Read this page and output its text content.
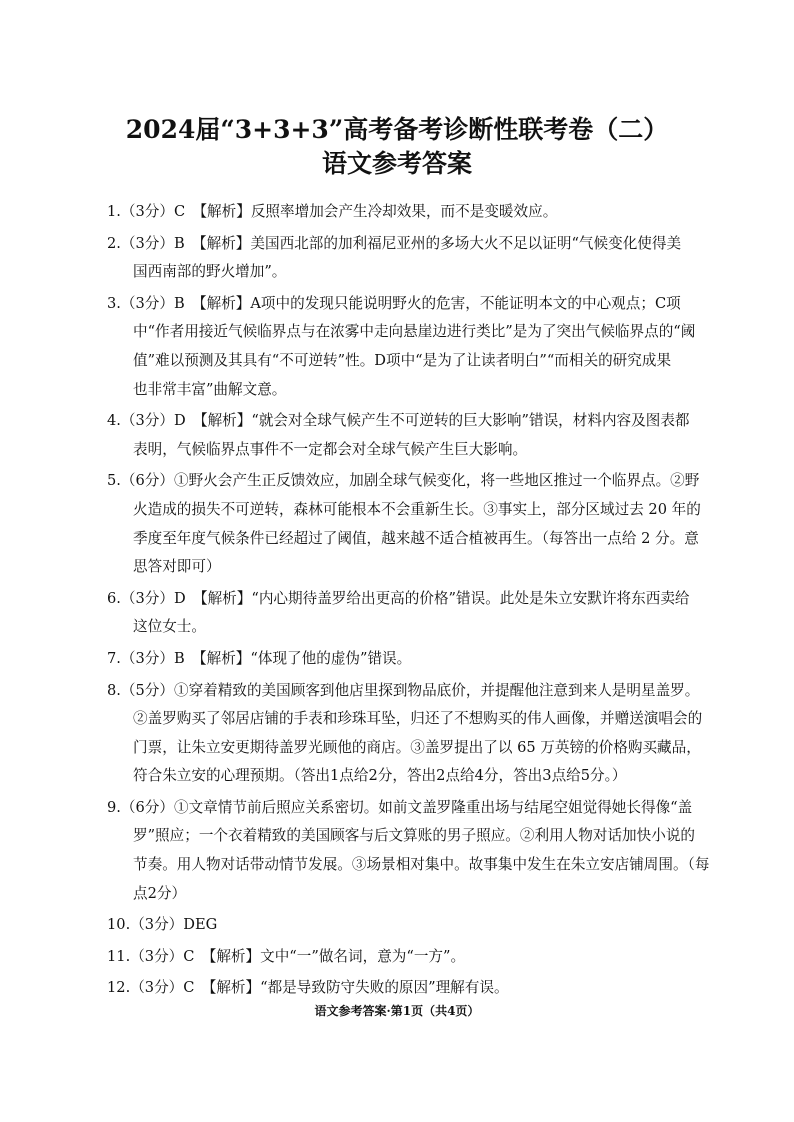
2024届“3+3+3”高考备考诊断性联考卷（二）
语文参考答案
1.（3分）C　【解析】反照率增加会产生冷却效果，而不是变暖效应。
2.（3分）B　【解析】美国西北部的加利福尼亚州的多场大火不足以证明“气候变化使得美
国西南部的野火增加”。
3.（3分）B　【解析】A项中的发现只能说明野火的危害，不能证明本文的中心观点；C项
中“作者用接近气候临界点与在浓雾中走向悬崖边进行类比”是为了突出气候临界点的“阈
值”难以预测及其具有“不可逆转”性。D项中“是为了让读者明白”“而相关的研究成果
也非常丰富”曲解文意。
4.（3分）D　【解析】“就会对全球气候产生不可逆转的巨大影响”错误，材料内容及图表都
表明，气候临界点事件不一定都会对全球气候产生巨大影响。
5.（6分）①野火会产生正反馈效应，加剧全球气候变化，将一些地区推过一个临界点。②野
火造成的损失不可逆转，森林可能根本不会重新生长。③事实上，部分区域过去 20 年的
季度至年度气候条件已经超过了阈值，越来越不适合植被再生。（每答出一点给 2 分。意
思答对即可）
6.（3分）D　【解析】“内心期待盖罗给出更高的价格”错误。此处是朱立安默许将东西卖给
这位女士。
7.（3分）B　【解析】“体现了他的虚伪”错误。
8.（5分）①穿着精致的美国顾客到他店里探到物品底价，并提醒他注意到来人是明星盖罗。
②盖罗购买了邻居店铺的手表和珍珠耳坠，归还了不想购买的伟人画像，并赠送演唱会的
门票，让朱立安更期待盖罗光顾他的商店。③盖罗提出了以 65 万英镑的价格购买藏品，
符合朱立安的心理预期。（答出1点给2分，答出2点给4分，答出3点给5分。）
9.（6分）①文章情节前后照应关系密切。如前文盖罗隆重出场与结尾空姐觉得她长得像“盖
罗”照应；一个衣着精致的美国顾客与后文算账的男子照应。②利用人物对话加快小说的
节奏。用人物对话带动情节发展。③场景相对集中。故事集中发生在朱立安店铺周围。（每
点2分）
10.（3分）DEG
11.（3分）C　【解析】文中“一”做名词，意为“一方”。
12.（3分）C　【解析】“都是导致防守失败的原因”理解有误。
语文参考答案·第1页（共4页）
